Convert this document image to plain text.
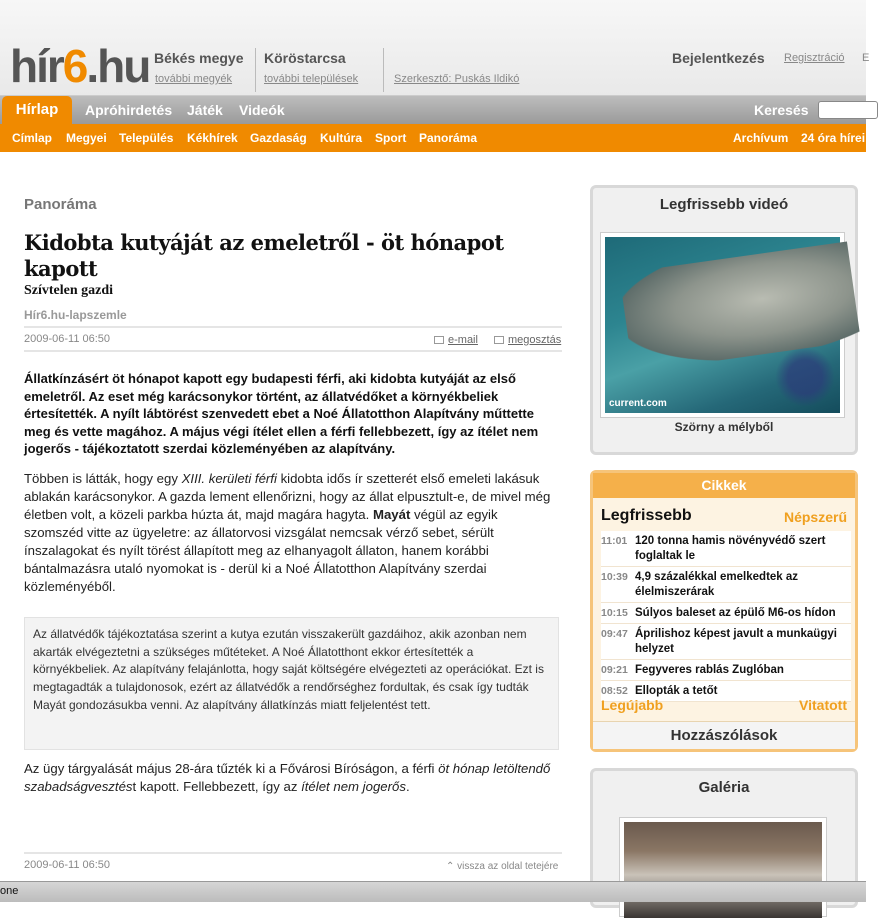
hír6.hu Békés megye
további megyék
Köröstarcsa
további települések	Szerkesztő: Puskás Ildikó
Bejelentkezés Regisztráció E
Apróhirdetés Játék Videók	Keresés
Hírlap
Címlap Megyei Település Kékhírek Gazdaság Kultúra Sport Panoráma	Archívum 24 óra hírei
Panoráma
Kidobta kutyáját az emeletről - öt hónapot kapott
Szívtelen gazdi
Hír6.hu-lapszemle
2009-06-11 06:50	e-mail	megosztás

Állatkínzásért öt hónapot kapott egy budapesti férfi, aki kidobta kutyáját az első emeletről. Az eset még karácsonykor történt, az állatvédőket a környékbeliek értesítették. A nyílt lábtörést szenvedett ebet a Noé Állatotthon Alapítvány műttette meg és vette magához. A május végi ítélet ellen a férfi fellebbezett, így az ítélet nem jogerős - tájékoztatott szerdai közleményében az alapítvány.

Többen is látták, hogy egy XIII. kerületi férfi kidobta idős ír szetterét első emeleti lakásuk ablakán karácsonykor. A gazda lement ellenőrizni, hogy az állat elpusztult-e, de mivel még életben volt, a közeli parkba húzta át, majd magára hagyta. Mayát végül az egyik szomszéd vitte az ügyeletre: az állatorvosi vizsgálat nemcsak vérző sebet, sérült ínszalagokat és nyílt törést állapított meg az elhanyagolt állaton, hanem korábbi bántalmazásra utaló nyomokat is - derül ki a Noé Állatotthon Alapítvány szerdai közleményéből.

Az állatvédők tájékoztatása szerint a kutya ezután visszakerült gazdáihoz, akik azonban nem akarták elvégeztetni a szükséges műtéteket. A Noé Állatotthont ekkor értesítették a környékbeliek. Az alapítvány felajánlotta, hogy saját költségére elvégezteti az operációkat. Ezt is megtagadták a tulajdonosok, ezért az állatvédők a rendőrséghez fordultak, és csak így tudták Mayát gondozásukba venni. Az alapítvány állatkínzás miatt feljelentést tett.

Az ügy tárgyalását május 28-ára tűzték ki a Fővárosi Bíróságon, a férfi öt hónap letöltendő szabadságvesztést kapott. Fellebbezett, így az ítélet nem jogerős.

2009-06-11 06:50	⌃ vissza az oldal tetejére
Legfrissebb videó
current.com
Szörny a mélyből
Cikkek
Legfrissebb	Népszerű
11:01 120 tonna hamis növényvédő szert foglaltak le
10:39 4,9 százalékkal emelkedtek az élelmiszerárak
10:15 Súlyos baleset az épülő M6-os hídon
09:47 Áprilishoz képest javult a munkaügyi helyzet
09:21 Fegyveres rablás Zuglóban
08:52 Ellopták a tetőt
Legújabb	Vitatott
Hozzászólások
Galéria
one
